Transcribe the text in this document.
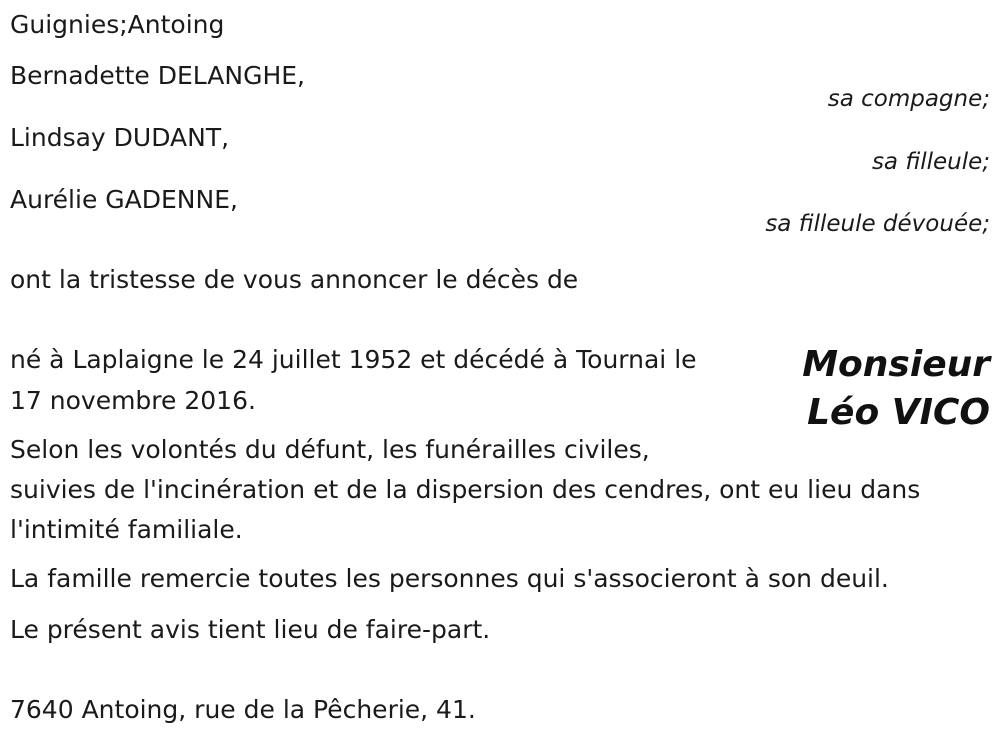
Guignies;Antoing
Bernadette DELANGHE,
sa compagne;
Lindsay DUDANT,
sa filleule;
Aurélie GADENNE,
sa filleule dévouée;
ont la tristesse de vous annoncer le décès de
Monsieur
Léo VICO
né à Laplaigne le 24 juillet 1952 et décédé à Tournai le
17 novembre 2016.
Selon les volontés du défunt, les funérailles civiles,
suivies de l'incinération et de la dispersion des cendres, ont eu lieu dans
l'intimité familiale.
La famille remercie toutes les personnes qui s'associeront à son deuil.
Le présent avis tient lieu de faire-part.
7640 Antoing, rue de la Pêcherie, 41.
